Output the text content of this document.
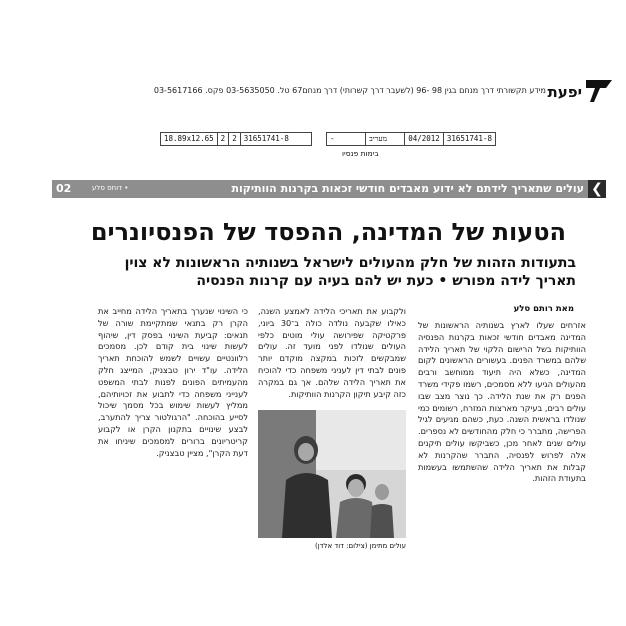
מידע תקשורתי דרך מנחם בגין 98 ‑96 (לשעבר דרך קשרותי) דרך מנחם67 טל. 03-5635050 פקס. 03-5617166 יפעת
-	מעריב	04/2012 31651741-8
בימות פנסיו
18.89x12.65 2 2 31651741-8
❯
עולים שתאריך לידתם לא ידוע מאבדים חודשי זכאות בקרנות הוותיקות
• דוחס סלע
02
הטעות של המדינה, ההפסד של הפנסיונרים
בתעודות הזהות של חלק מהעולים לישראל בשנותיה הראשונות לא צוין תאריך לידה מפורש • כעת יש להם בעיה עם קרנות הפנסיה
מאת רותם סלע
אזרחים שעלו לארץ בשנותיה הראשונות של המדינה מאבדים חודשי זכאות בקרנות הפנסיה הוותיקות בשל הרישום הלקוי של תאריך הלידה שלהם במשרד הפנים. בעשורים הראשונים לקום המדינה, כשלא היה תיעוד ממוחשב ורבים מהעולים הגיעו ללא מסמכים, רשמו פקידי משרד הפנים רק את שנת הלידה. כך נוצר מצב שבו עולים רבים, בעיקר מארצות המזרח, רשומים כמי שנולדו בראשית השנה. כעת, כשהם מגיעים לגיל הפרישה, מתברר כי חלק מהחודשים לא נספרים. עולים שנים לאחר מכן, כשביקשו עולים תיקנים אלה לפרוש לפנסיה, התברר שהקרנות לא קבלות את תאריך הלידה שהשתמשו בעשמות בתעודת הזהות.
ולקבוע את תאריכי הלידה לאמצע השנה, כאילו שקבעה נולדה כולה ב־30 ביוני, פרקטיקה שפירושה עולי מוטים כלפי העולים שנולדו לפני מועד זה. עולים שמבקשים לזכות במקצה מוקדם יותר פונים לבתי דין לעניני משפחה כדי להוכיח את תאריך הלידה שלהם. אך גם במקרה כזה קיבע תיקון הקרנות הוותיקות.
כי השינוי שנערך בתאריך הלידה מחייב את הקרן רק בתנאי שמתקיימת שורה של תנאים: קביעת השינוי בפסק דין, שיהוף לעשות שינוי בית קודם לכן. מסמכים רלוונטיים עשויים לשמש להוכחת תאריך הלידה. עו"ד ירון טבצניק, המייצג חלק מהעמיתים הפונים לפנות לבתי המשפט לענייני משפחה כדי לתבוע את זכויותיהם, ממליץ לעשות שימוש בכל מסמך שיכול לסייע בהוכחה. "הרגולטור צריך להתערב, לבצע שינויים בתקנון הקרן או לקבוע קריטריונים ברורים למסמכים שיניחו את דעת הקרן", מציין טבצניק.
עולים מתימן (צילום: דוד אלדן)
